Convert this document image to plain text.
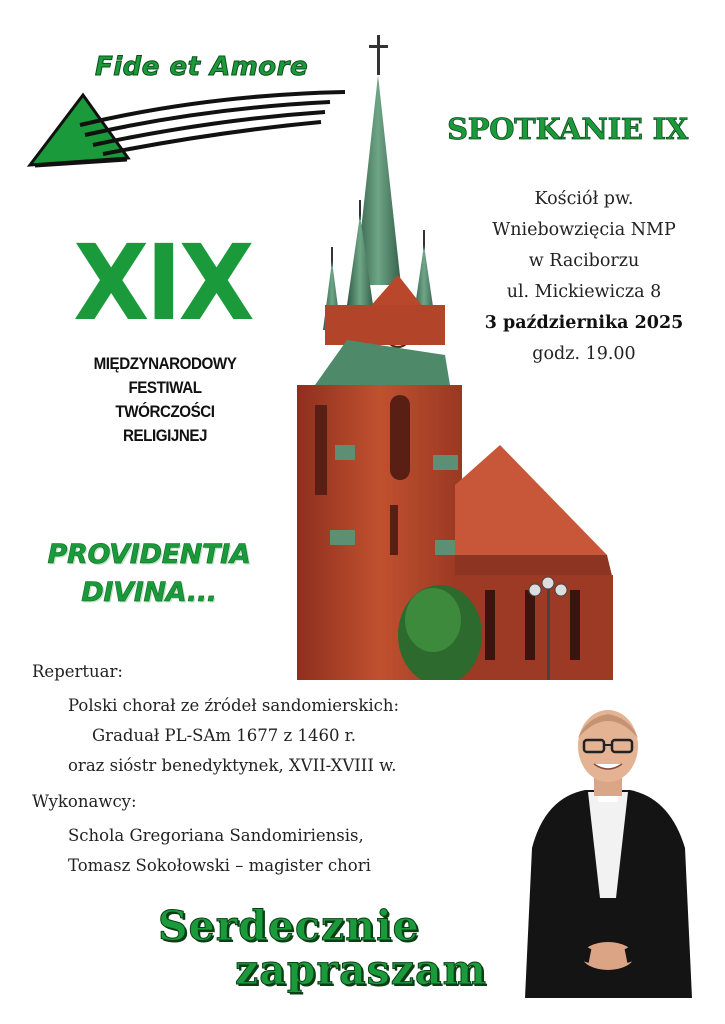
Fide et Amore
XIX
MIĘDZYNARODOWY
FESTIWAL
TWÓRCZOŚCI
RELIGIJNEJ
PROVIDENTIA
DIVINA...
SPOTKANIE IX
Kościół pw.
Wniebowzięcia NMP
w Raciborzu
ul. Mickiewicza 8
3 października 2025
godz. 19.00
Repertuar:
Polski chorał ze źródeł sandomierskich:
Graduał PL-SAm 1677 z 1460 r.
oraz sióstr benedyktynek, XVII-XVIII w.
Wykonawcy:
Schola Gregoriana Sandomiriensis,
Tomasz Sokołowski – magister chori
Serdecznie
zapraszam
